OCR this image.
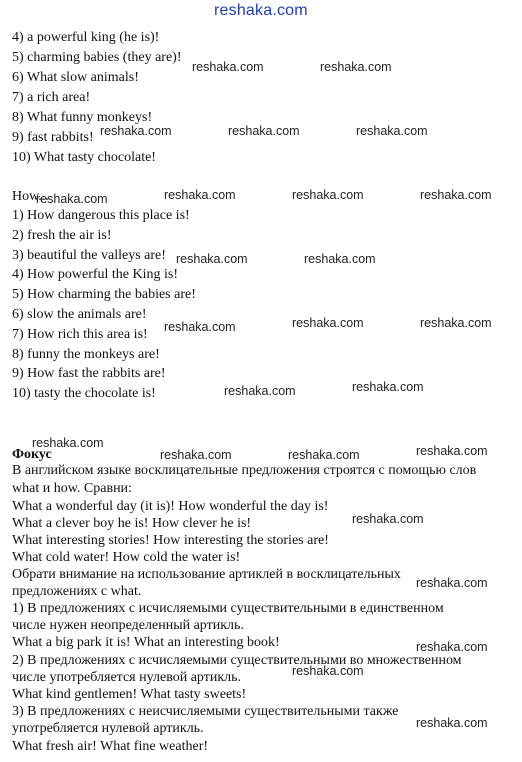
reshaka.com
4) a powerful king (he is)!
5) charming babies (they are)!
6) What slow animals!
7) a rich area!
8) What funny monkeys!
9) fast rabbits!
10) What tasty chocolate!
How...
1) How dangerous this place is!
2) fresh the air is!
3) beautiful the valleys are!
4) How powerful the King is!
5) How charming the babies are!
6) slow the animals are!
7) How rich this area is!
8) funny the monkeys are!
9) How fast the rabbits are!
10) tasty the chocolate is!
Фокус
В английском языке восклицательные предложения строятся с помощью слов
what и how. Сравни:
What a wonderful day (it is)! How wonderful the day is!
What a clever boy he is! How clever he is!
What interesting stories! How interesting the stories are!
What cold water! How cold the water is!
Обрати внимание на использование артиклей в восклицательных
предложениях с what.
1) В предложениях с исчисляемыми существительными в единственном
числе нужен неопределенный артикль.
What a big park it is! What an interesting book!
2) В предложениях с исчисляемыми существительными во множественном
числе употребляется нулевой артикль.
What kind gentlemen! What tasty sweets!
3) В предложениях с неисчисляемыми существительными также
употребляется нулевой артикль.
What fresh air! What fine weather!
reshaka.com	reshaka.com
reshaka.com	reshaka.com	reshaka.com
reshaka.com	reshaka.com	reshaka.com	reshaka.com
reshaka.com	reshaka.com
reshaka.com	reshaka.com	reshaka.com
reshaka.com	reshaka.com
reshaka.com
reshaka.com	reshaka.com	reshaka.com
reshaka.com
reshaka.com
reshaka.com
reshaka.com
reshaka.com
